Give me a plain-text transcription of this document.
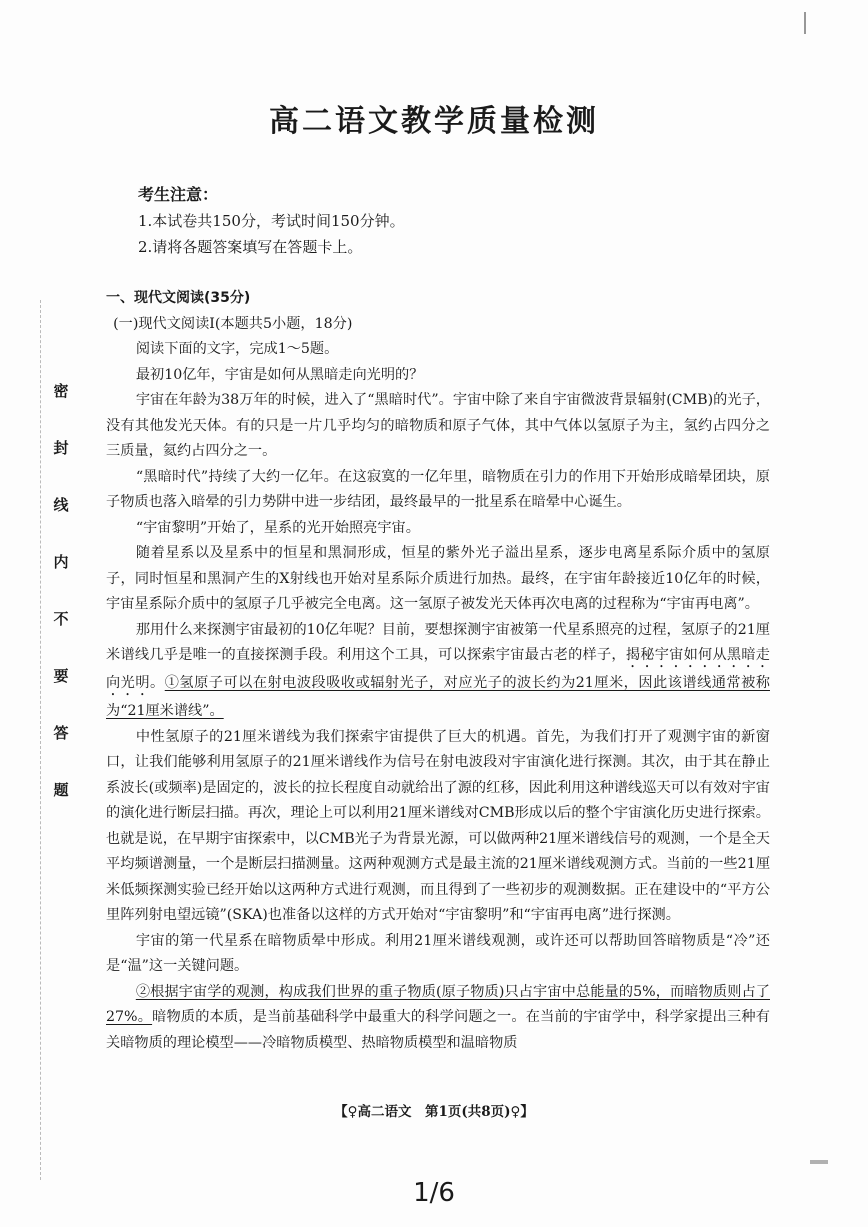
高二语文教学质量检测
考生注意：
1.本试卷共150分，考试时间150分钟。
2.请将各题答案填写在答题卡上。
密
封
线
内
不
要
答
题

一、现代文阅读(35分)

(一)现代文阅读Ⅰ(本题共5小题，18分)

阅读下面的文字，完成1～5题。

最初10亿年，宇宙是如何从黑暗走向光明的？

宇宙在年龄为38万年的时候，进入了“黑暗时代”。宇宙中除了来自宇宙微波背景辐射(CMB)的光子，没有其他发光天体。有的只是一片几乎均匀的暗物质和原子气体，其中气体以氢原子为主，氢约占四分之三质量，氦约占四分之一。

“黑暗时代”持续了大约一亿年。在这寂寞的一亿年里，暗物质在引力的作用下开始形成暗晕团块，原子物质也落入暗晕的引力势阱中进一步结团，最终最早的一批星系在暗晕中心诞生。

“宇宙黎明”开始了，星系的光开始照亮宇宙。

随着星系以及星系中的恒星和黑洞形成，恒星的紫外光子溢出星系，逐步电离星系际介质中的氢原子，同时恒星和黑洞产生的X射线也开始对星系际介质进行加热。最终，在宇宙年龄接近10亿年的时候，宇宙星系际介质中的氢原子几乎被完全电离。这一氢原子被发光天体再次电离的过程称为“宇宙再电离”。

那用什么来探测宇宙最初的10亿年呢？目前，要想探测宇宙被第一代星系照亮的过程，氢原子的21厘米谱线几乎是唯一的直接探测手段。利用这个工具，可以探索宇宙最古老的样子，揭秘宇宙如何从黑暗走向光明。①氢原子可以在射电波段吸收或辐射光子，对应光子的波长约为21厘米，因此该谱线通常被称为“21厘米谱线”。

中性氢原子的21厘米谱线为我们探索宇宙提供了巨大的机遇。首先，为我们打开了观测宇宙的新窗口，让我们能够利用氢原子的21厘米谱线作为信号在射电波段对宇宙演化进行探测。其次，由于其在静止系波长(或频率)是固定的，波长的拉长程度自动就给出了源的红移，因此利用这种谱线巡天可以有效对宇宙的演化进行断层扫描。再次，理论上可以利用21厘米谱线对CMB形成以后的整个宇宙演化历史进行探索。也就是说，在早期宇宙探索中，以CMB光子为背景光源，可以做两种21厘米谱线信号的观测，一个是全天平均频谱测量，一个是断层扫描测量。这两种观测方式是最主流的21厘米谱线观测方式。当前的一些21厘米低频探测实验已经开始以这两种方式进行观测，而且得到了一些初步的观测数据。正在建设中的“平方公里阵列射电望远镜”(SKA)也准备以这样的方式开始对“宇宙黎明”和“宇宙再电离”进行探测。

宇宙的第一代星系在暗物质晕中形成。利用21厘米谱线观测，或许还可以帮助回答暗物质是“冷”还是“温”这一关键问题。

②根据宇宙学的观测，构成我们世界的重子物质(原子物质)只占宇宙中总能量的5%，而暗物质则占了27%。暗物质的本质，是当前基础科学中最重大的科学问题之一。在当前的宇宙学中，科学家提出三种有关暗物质的理论模型——冷暗物质模型、热暗物质模型和温暗物质

【♀高二语文　第1页(共8页)♀】
1/6
